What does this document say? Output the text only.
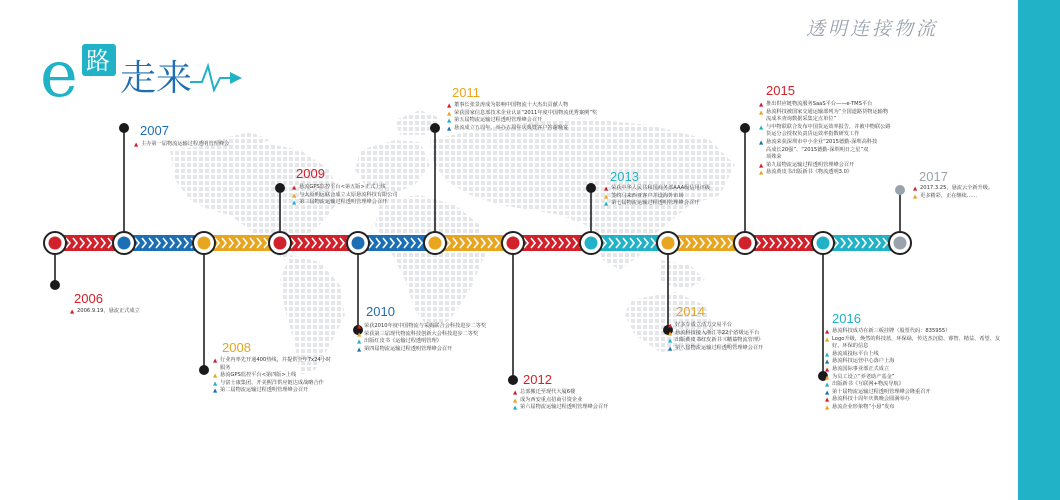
透明连接物流
e 路 走来
2006
▲ 2006.9.19，悬流正式成立
2007
▲ 主办第一届物流运输过程透明管理峰会
2008
▲ 行业内率先开通400热线，并提供全年7x24小时
服务
▲ 悬流GPS监控平台<第四版>上线
▲ 与富士康集团、开美熙洋供应链达成战略合作
▲ 第二届物流运输过程透明管理峰会召开
2009
▲ 悬流GPS监控平台<第五版>正式上线
▲ 与太原明远联合成立太原悬流科技有限公司
▲ 第三届物流运输过程透明管理峰会召开
2010
▲ 荣获2010年度中国物流与采购联合会科技进步二等奖
▲ 荣获第三届现代物流科技创新大会科技进步二等奖
▲ 出版红皮书《运输过程透明管理》
▲ 第四届物流运输过程透明管理峰会召开
2011
▲ 董事长张景涛成为影响中国物流十大杰出贡献人物
▲ 荣获国家信息部技术企业认证“2011年度中国物流优秀案例”奖
▲ 第五届物流运输过程透明管理峰会召开
▲ 悬流成立五周年，举办五周年庆典暨客户答谢晚宴
2012
▲ 总部搬迁至现代大厦6楼
▲ 成为西安重点招商引资企业
▲ 第六届物流运输过程透明管理峰会召开
2013
▲ 荣获中华人民共和国商务部AAA级信用评级
▲ 签约马来西亚客户并设海外市场
▲ 第七届物流运输过程透明管理峰会召开
2014
▲ 好多车成立活力交易平台
▲ 悬流科技接入浙江等22个省级运平台
▲ 出版黄皮书红皮新书《精益物流管理》
▲ 第八届物流运输过程透明管理峰会召开
2015
▲ 推出供应链物流服务SaaS平台——e-TMS平台
▲ 悬流科技被国家交通运输部列为“全国道路货物运输物
流成本查询数据采集定点单位”
▲ 与中物联联合发布中国货运效率报告，并被中物联公路
货运分会授权负责货运效率指数研发工作
▲ 悬流荣获深圳市中小企业“2015德勤-深圳高科技
高成长20强”、“2015德勤-深圳明日之星”双
项殊荣
▲ 第九届物流运输过程透明管理峰会召开
▲ 悬流黄皮书出版新书《物流透明3.0》
2016
▲ 悬流科技成功在新三板挂牌（股票代码：835955）
▲ Logo升级，焕然的科技蓝，环保绿，传达杰沉稳、睿智、精益、希望、友
好、环保的信息
▲ 悬流成投标平台上线
▲ 悬流科技运营中心落户上海
▲ 悬流国际事业部正式成立
▲ 为员工设立“养老助产基金”
▲ 出版新书《互联网+物流导航》
▲ 第十届物流运输过程透明管理峰会隆重召开
▲ 悬流科技十周年庆典晚会圆满举办
▲ 悬流企业形象物“小悬”发布
2017
▲ 2017.3.25，悬流云全新升级。
▲ 更多精彩，正在继续……
